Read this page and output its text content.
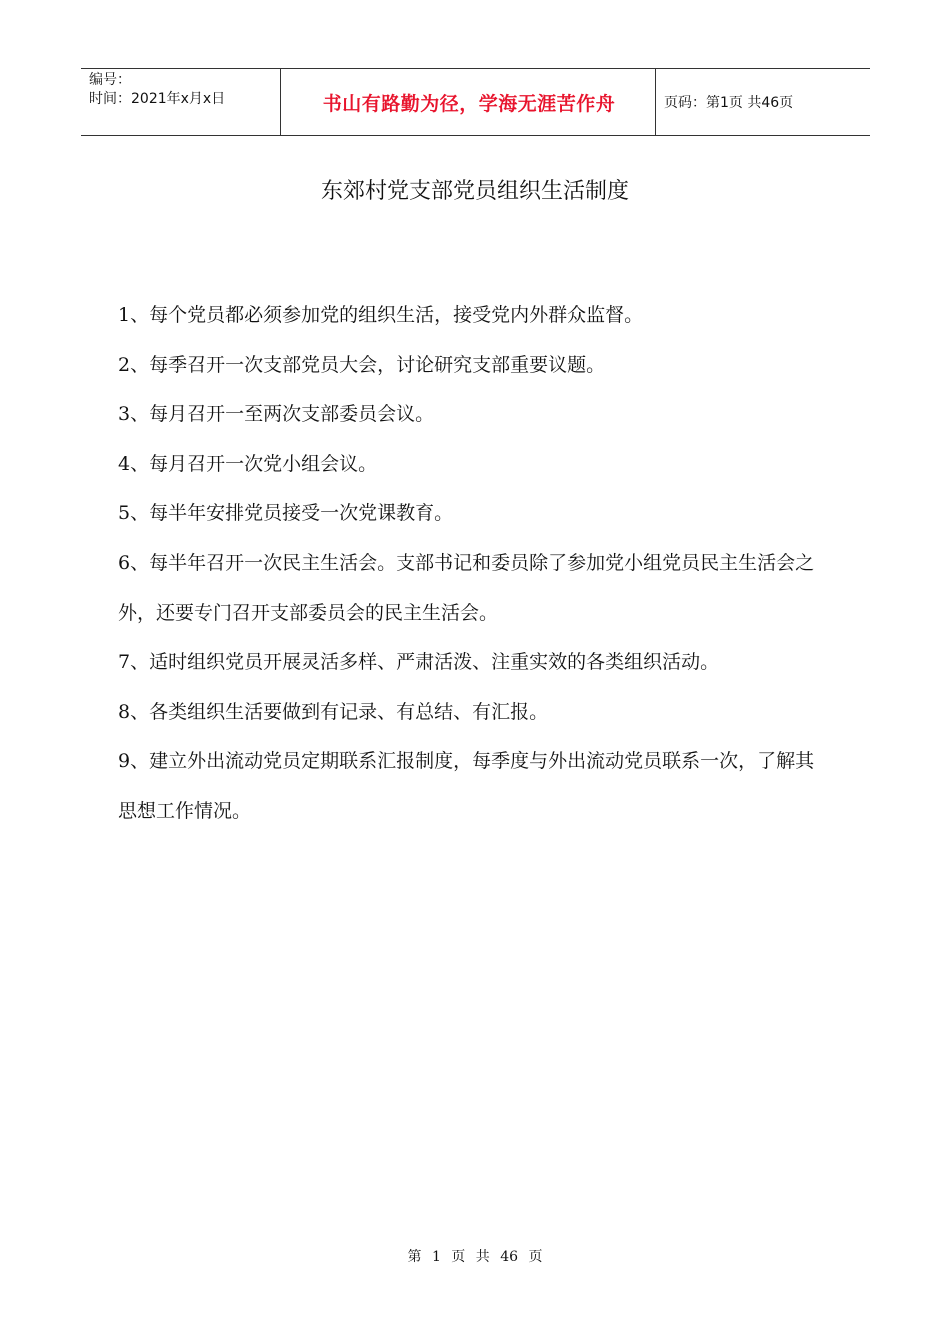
编号：
时间：2021年x月x日	书山有路勤为径，学海无涯苦作舟	页码：第1页 共46页
东郊村党支部党员组织生活制度

1、每个党员都必须参加党的组织生活，接受党内外群众监督。

2、每季召开一次支部党员大会，讨论研究支部重要议题。

3、每月召开一至两次支部委员会议。

4、每月召开一次党小组会议。

5、每半年安排党员接受一次党课教育。

6、每半年召开一次民主生活会。支部书记和委员除了参加党小组党员民主生活会之外，还要专门召开支部委员会的民主生活会。

7、适时组织党员开展灵活多样、严肃活泼、注重实效的各类组织活动。

8、各类组织生活要做到有记录、有总结、有汇报。

9、建立外出流动党员定期联系汇报制度，每季度与外出流动党员联系一次，了解其思想工作情况。

第 1 页 共 46 页
